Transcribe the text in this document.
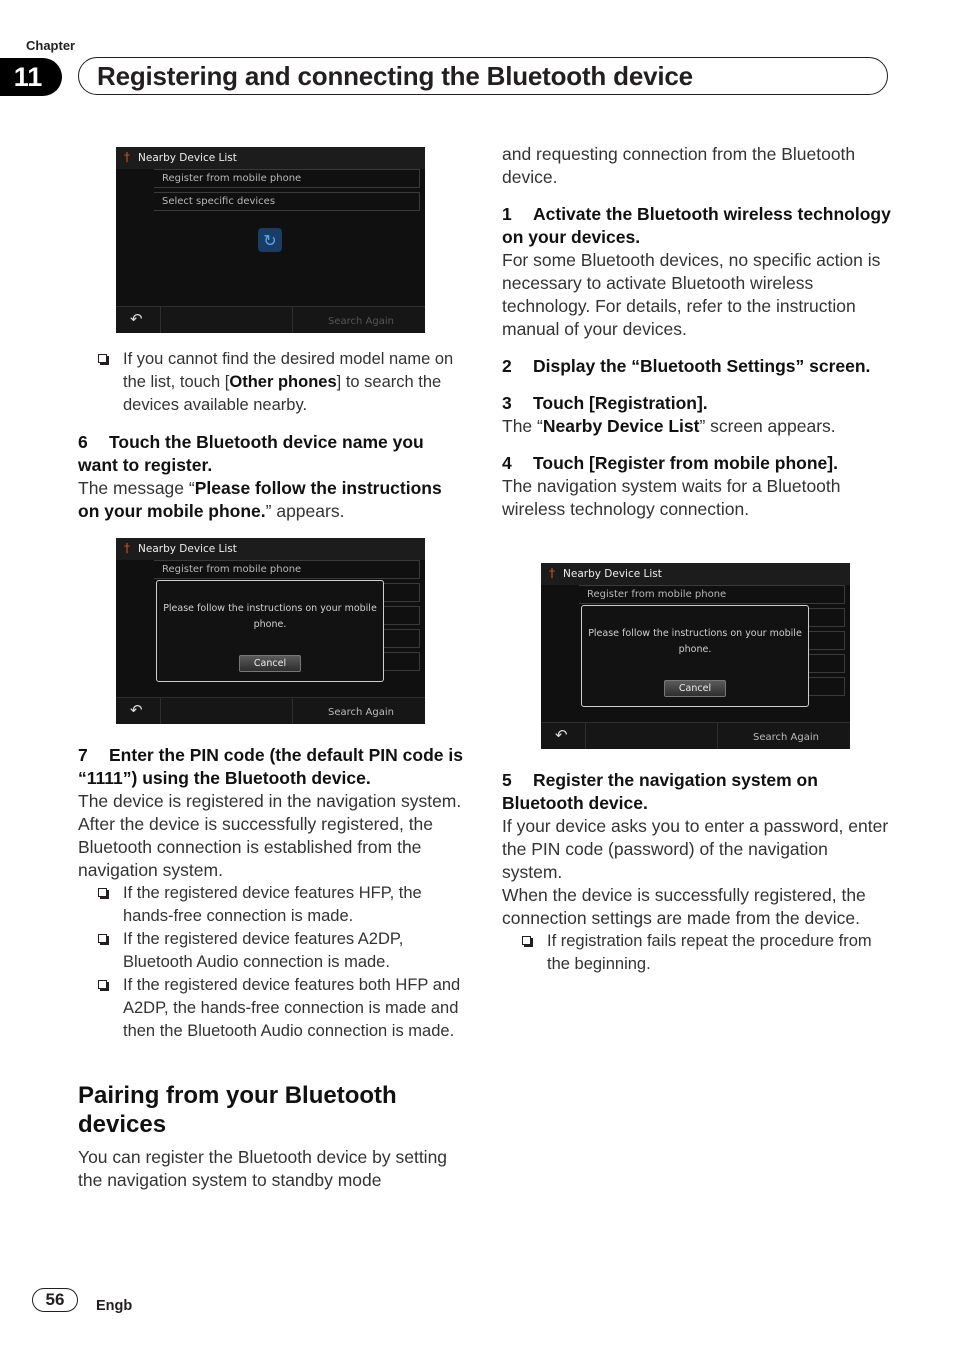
Chapter
11	Registering and connecting the Bluetooth device
† Nearby Device List
Register from mobile phone
Select specific devices
↻
↶	Search Again
If you cannot find the desired model name on the list, touch [Other phones] to search the devices available nearby.

6 Touch the Bluetooth device name you want to register.

The message “Please follow the instructions on your mobile phone.” appears.

† Nearby Device List
Register from mobile phone
Please follow the instructions on your mobile
phone.
Cancel
↶	Search Again

7 Enter the PIN code (the default PIN code is “1111”) using the Bluetooth device.

The device is registered in the navigation system.

After the device is successfully registered, the Bluetooth connection is established from the navigation system.

If the registered device features HFP, the hands-free connection is made.
If the registered device features A2DP, Bluetooth Audio connection is made.
If the registered device features both HFP and A2DP, the hands-free connection is made and then the Bluetooth Audio connection is made.
Pairing from your Bluetooth devices

You can register the Bluetooth device by setting the navigation system to standby mode

and requesting connection from the Bluetooth device.

1 Activate the Bluetooth wireless technology on your devices.

For some Bluetooth devices, no specific action is necessary to activate Bluetooth wireless technology. For details, refer to the instruction manual of your devices.

2 Display the “Bluetooth Settings” screen.

3 Touch [Registration].

The “Nearby Device List” screen appears.

4 Touch [Register from mobile phone].

The navigation system waits for a Bluetooth wireless technology connection.

† Nearby Device List
Register from mobile phone
Please follow the instructions on your mobile
phone.
Cancel
↶	Search Again

5 Register the navigation system on Bluetooth device.

If your device asks you to enter a password, enter the PIN code (password) of the navigation system.

When the device is successfully registered, the connection settings are made from the device.

If registration fails repeat the procedure from the beginning.
56	Engb
